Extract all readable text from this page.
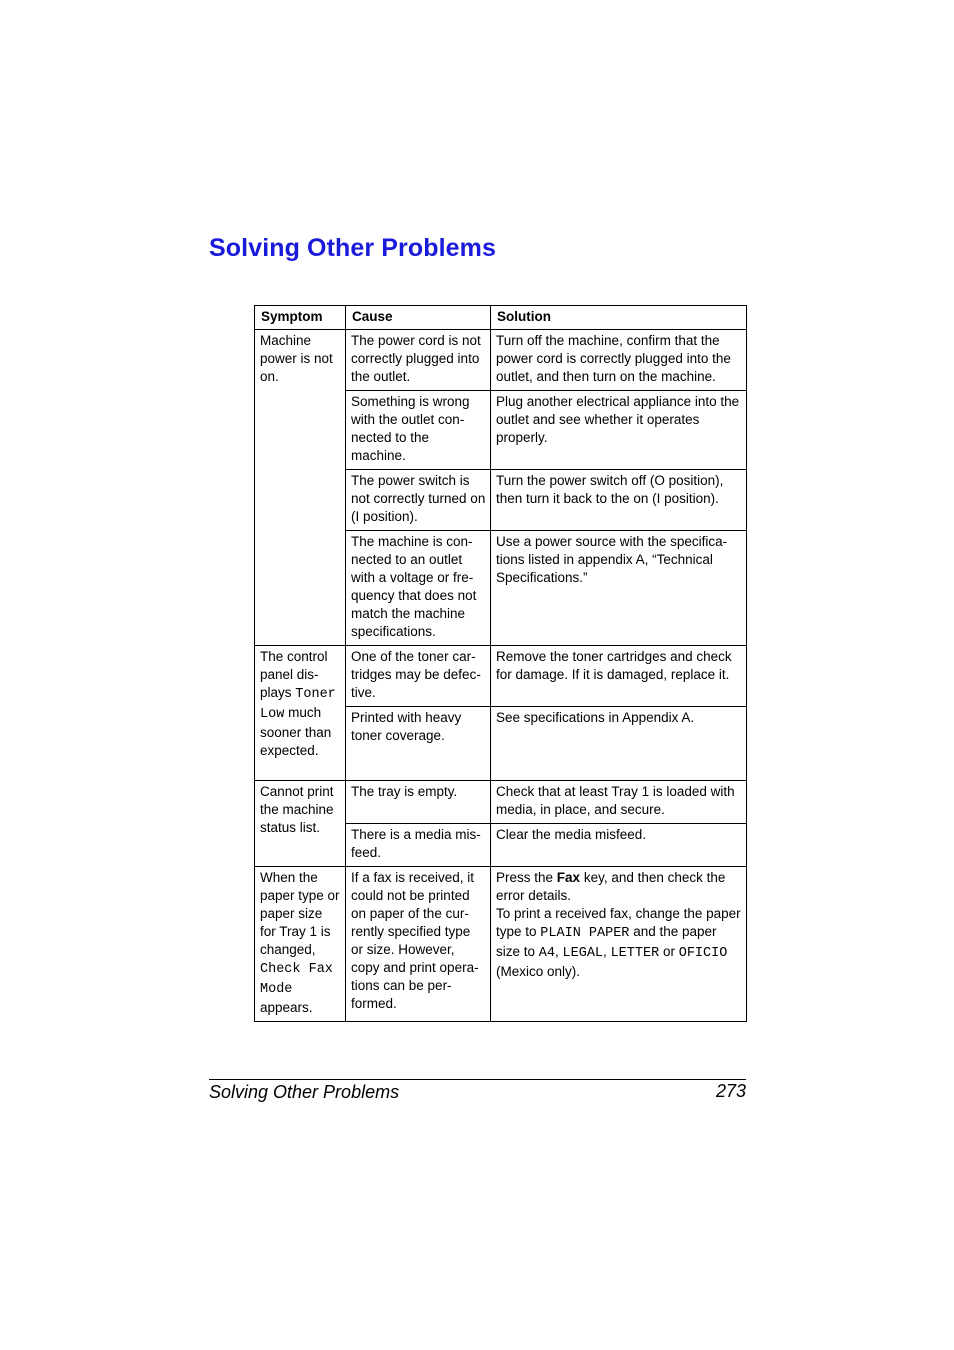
Solving Other Problems
Symptom	Cause	Solution
Machine power is not on.	The power cord is not correctly plugged into the outlet.	Turn off the machine, confirm that the power cord is correctly plugged into the outlet, and then turn on the machine.
	Something is wrong with the outlet con-nected to the machine.	Plug another electrical appliance into the outlet and see whether it operates properly.
	The power switch is not correctly turned on (I position).	Turn the power switch off (O position), then turn it back to the on (I position).
	The machine is con-nected to an outlet with a voltage or fre-quency that does not match the machine specifications.	Use a power source with the specifica-tions listed in appendix A, “Technical Specifications.”
The control panel dis-plays Toner Low much sooner than expected.	One of the toner car-tridges may be defec-tive.	Remove the toner cartridges and check for damage. If it is damaged, replace it.
	Printed with heavy toner coverage.	See specifications in Appendix A.
Cannot print the machine status list.	The tray is empty.	Check that at least Tray 1 is loaded with media, in place, and secure.
	There is a media mis-feed.	Clear the media misfeed.
When the paper type or paper size for Tray 1 is changed, Check Fax Mode appears.	If a fax is received, it could not be printed on paper of the cur-rently specified type or size. However, copy and print opera-tions can be per-formed.	Press the Fax key, and then check the error details.
To print a received fax, change the paper type to PLAIN PAPER and the paper size to A4, LEGAL, LETTER or OFICIO (Mexico only).
Solving Other Problems	273
